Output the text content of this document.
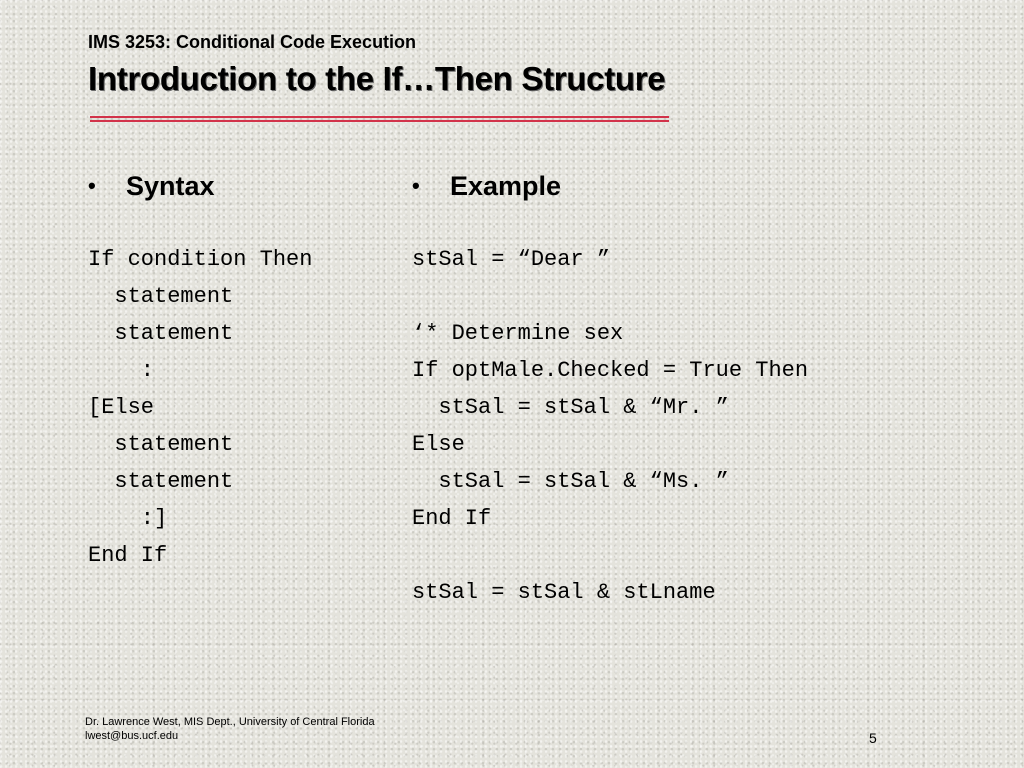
IMS 3253: Conditional Code Execution
Introduction to the If…Then Structure
•	Syntax
If condition Then
statement
statement
:
[Else
statement
statement
:]
End If
•	Example
stSal = “Dear ”
‘* Determine sex
If optMale.Checked = True Then
stSal = stSal & “Mr. ”
Else
stSal = stSal & “Ms. ”
End If
stSal = stSal & stLname
Dr. Lawrence West, MIS Dept., University of Central Florida
lwest@bus.ucf.edu	5
